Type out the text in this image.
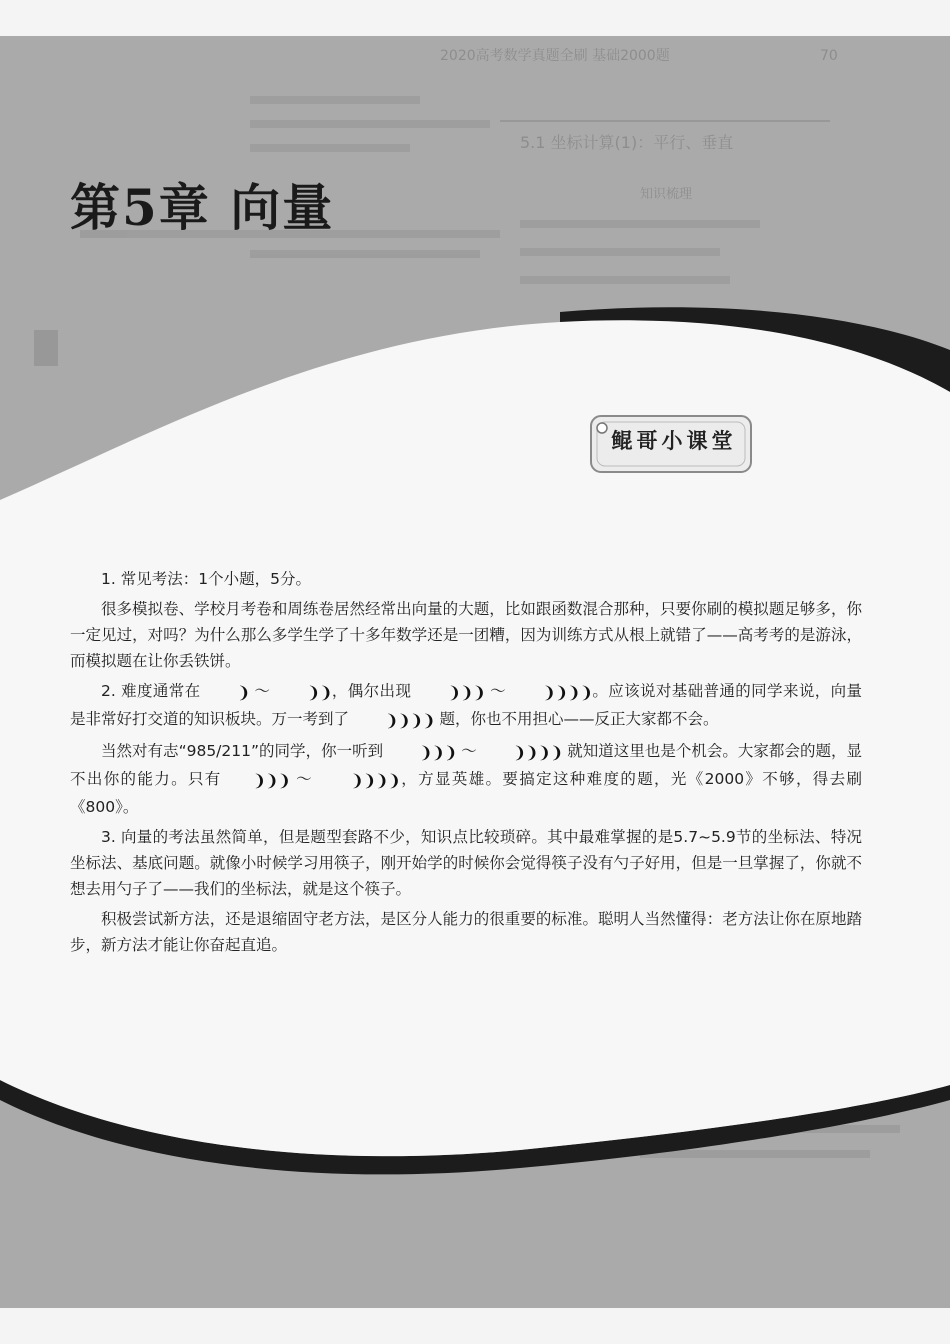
70
2020高考数学真题全刷 基础2000题
5.1 坐标计算(1)：平行、垂直
知识梳理
第5章 向量
鲲哥小课堂

1. 常见考法：1个小题，5分。

很多模拟卷、学校月考卷和周练卷居然经常出向量的大题，比如跟函数混合那种，只要你刷的模拟题足够多，你一定见过，对吗？为什么那么多学生学了十多年数学还是一团糟，因为训练方式从根上就错了——高考考的是游泳，而模拟题在让你丢铁饼。

2. 难度通常在 ❩ ～ ❩❩，偶尔出现 ❩❩❩ ～ ❩❩❩❩。应该说对基础普通的同学来说，向量是非常好打交道的知识板块。万一考到了 ❩❩❩❩ 题，你也不用担心——反正大家都不会。

当然对有志“985/211”的同学，你一听到 ❩❩❩ ～ ❩❩❩❩ 就知道这里也是个机会。大家都会的题，显不出你的能力。只有 ❩❩❩ ～ ❩❩❩❩，方显英雄。要搞定这种难度的题，光《2000》不够，得去刷《800》。

3. 向量的考法虽然简单，但是题型套路不少，知识点比较琐碎。其中最难掌握的是5.7~5.9节的坐标法、特况坐标法、基底问题。就像小时候学习用筷子，刚开始学的时候你会觉得筷子没有勺子好用，但是一旦掌握了，你就不想去用勺子了——我们的坐标法，就是这个筷子。

积极尝试新方法，还是退缩固守老方法，是区分人能力的很重要的标准。聪明人当然懂得：老方法让你在原地踏步，新方法才能让你奋起直追。
